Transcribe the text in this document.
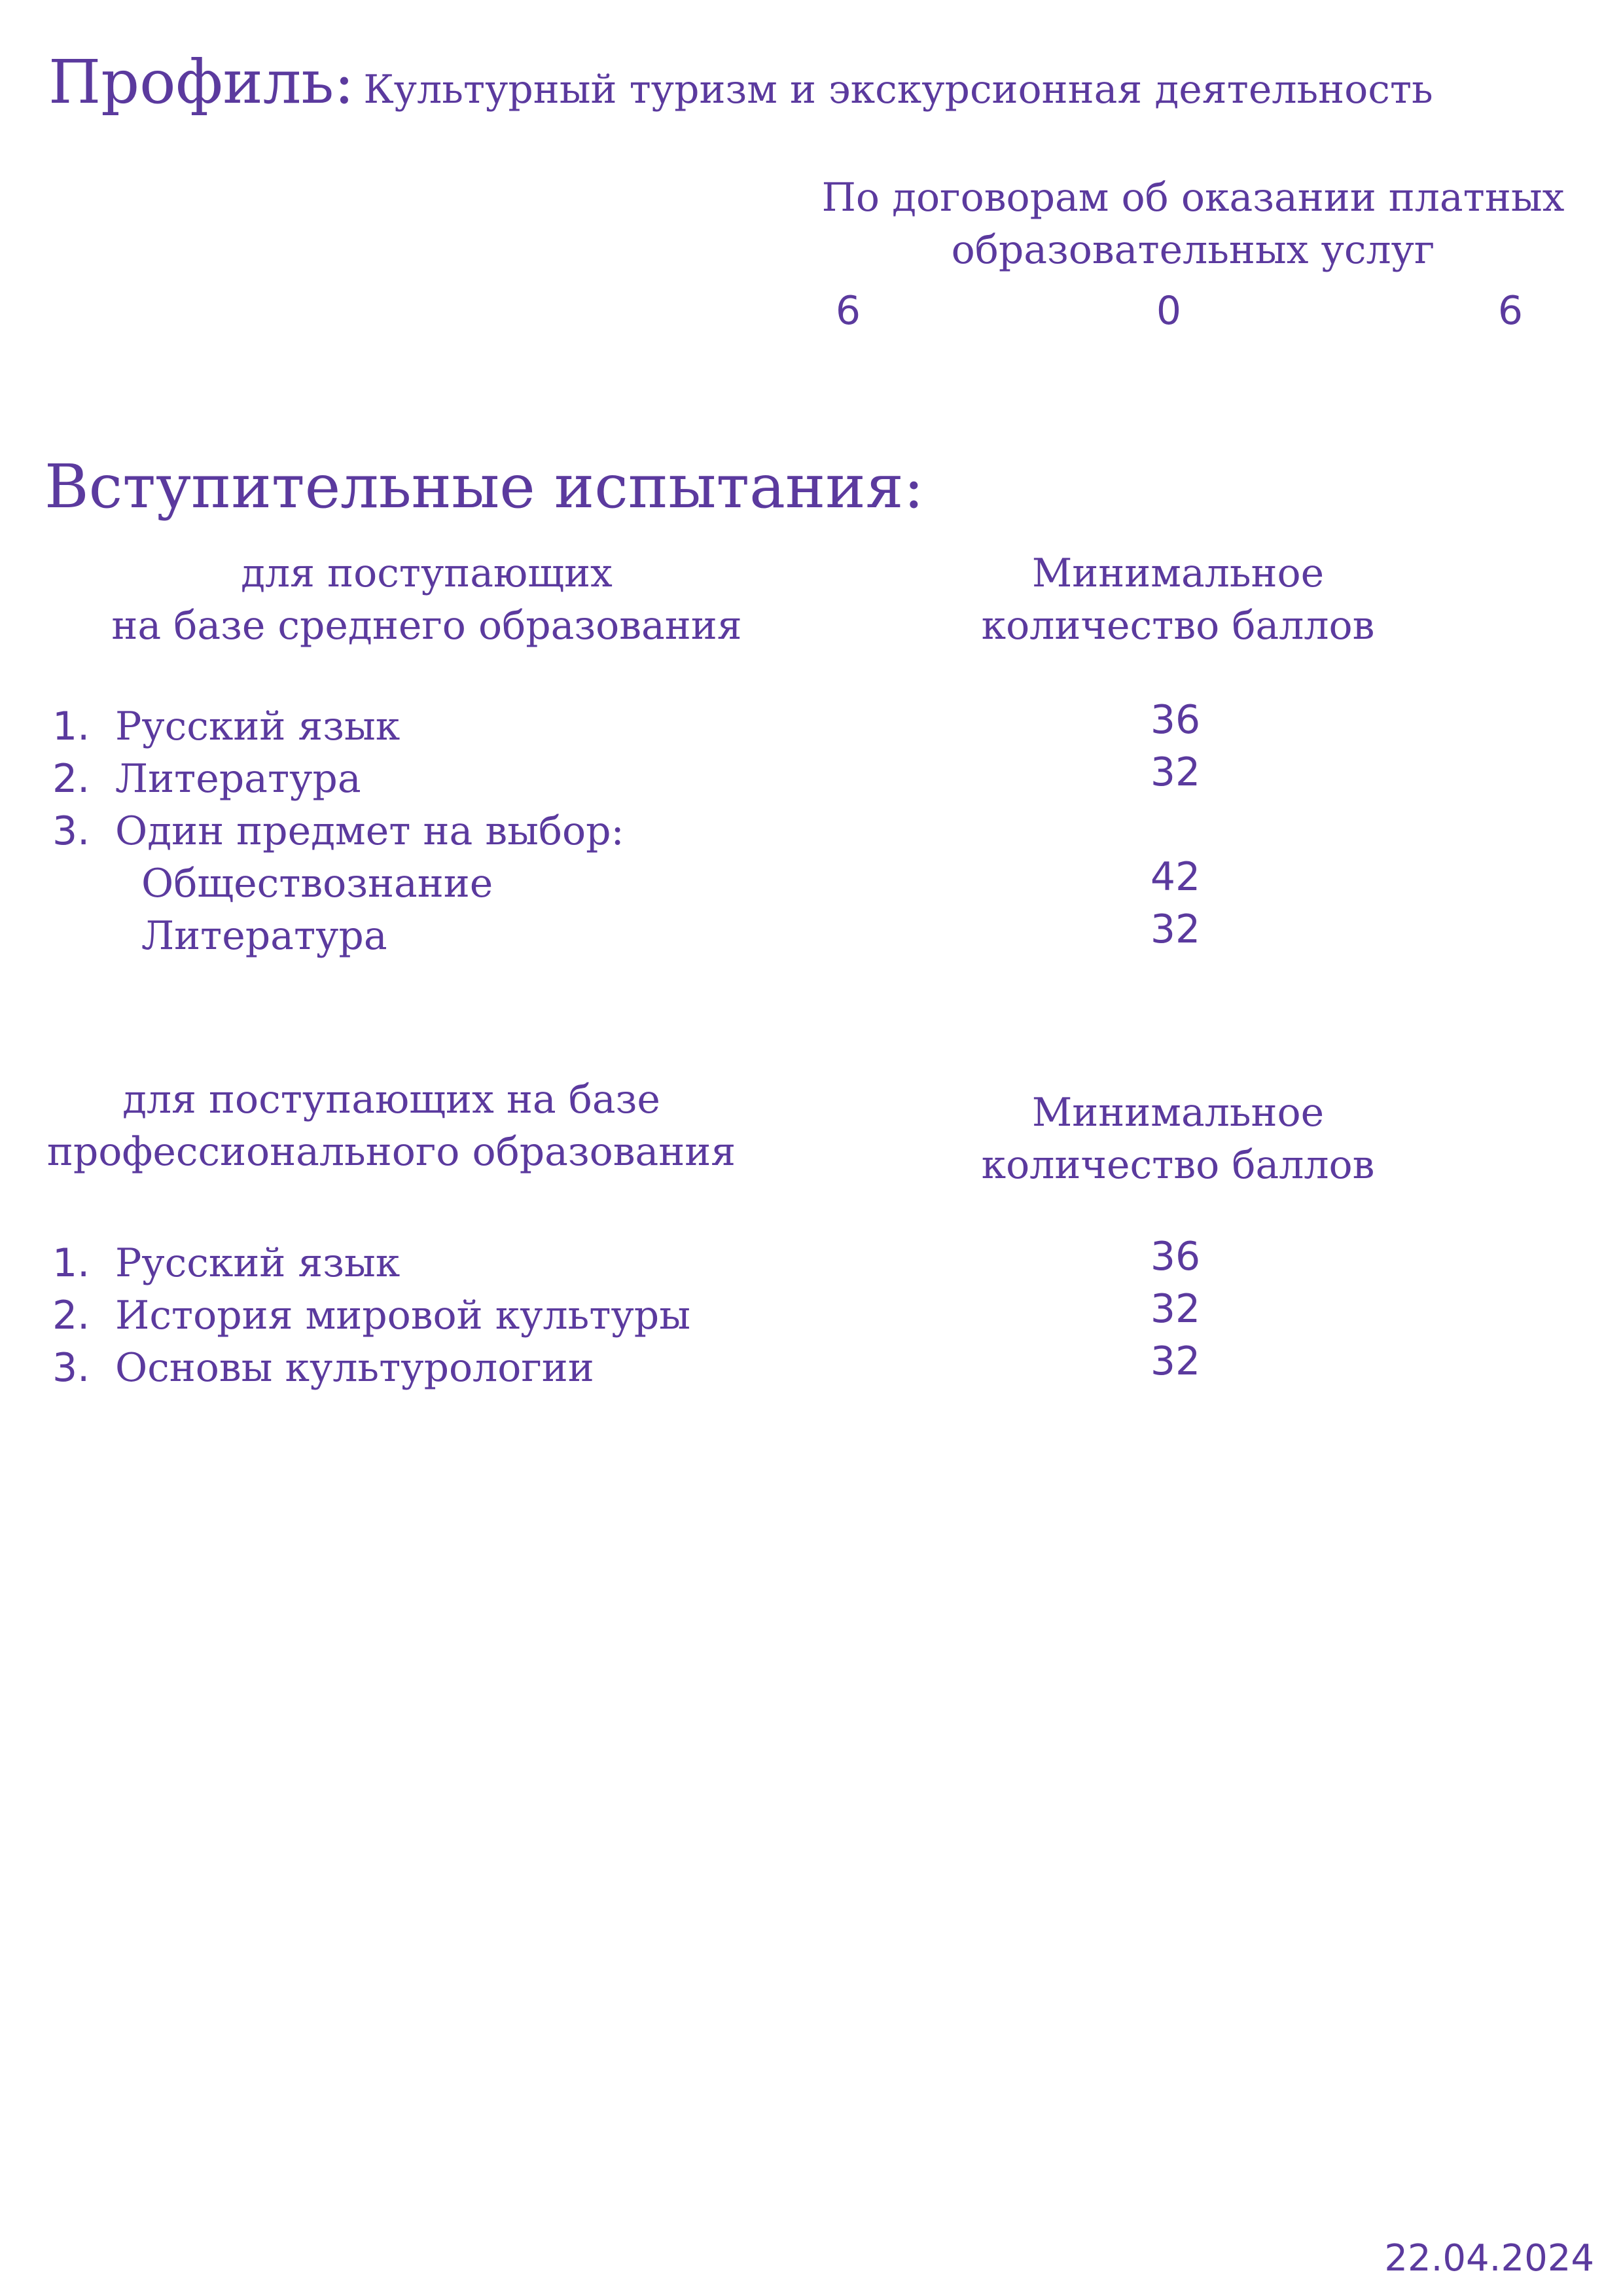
Профиль: Культурный туризм и экскурсионная деятельность
По договорам об оказании платных
образовательных услуг
6	0	6
Вступительные испытания:
для поступающих
на базе среднего образования
Минимальное
количество баллов
1. Русский язык
2. Литература
3. Один предмет на выбор:
Обществознание
Литература
36
32
42
32
для поступающих на базе
профессионального образования
Минимальное
количество баллов
1. Русский язык
2. История мировой культуры
3. Основы культурологии
36
32
32
22.04.2024
